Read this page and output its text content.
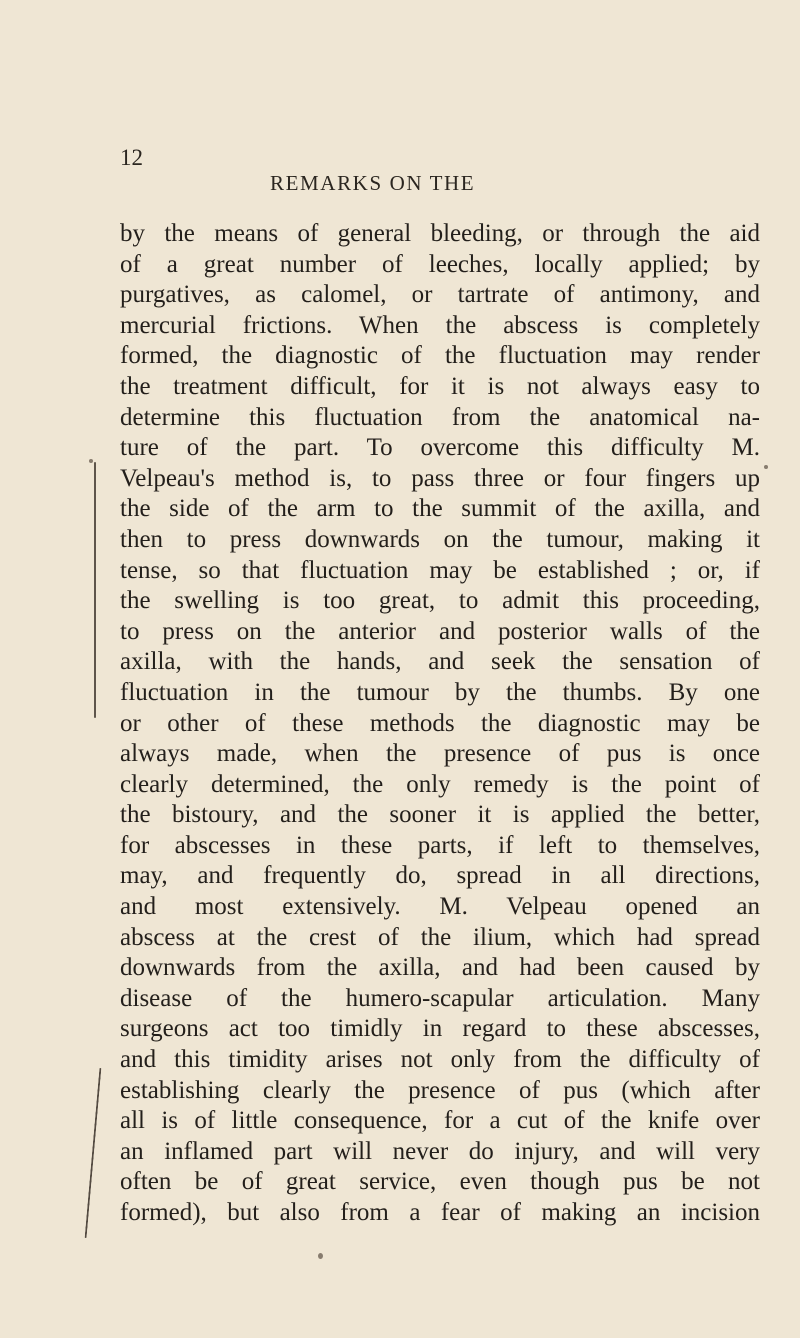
12
REMARKS ON THE
by the means of general bleeding, or through the aid
of a great number of leeches, locally applied; by
purgatives, as calomel, or tartrate of antimony, and
mercurial frictions. When the abscess is completely
formed, the diagnostic of the fluctuation may render
the treatment difficult, for it is not always easy to
determine this fluctuation from the anatomical na-
ture of the part. To overcome this difficulty M.
Velpeau's method is, to pass three or four fingers up
the side of the arm to the summit of the axilla, and
then to press downwards on the tumour, making it
tense, so that fluctuation may be established ; or, if
the swelling is too great, to admit this proceeding,
to press on the anterior and posterior walls of the
axilla, with the hands, and seek the sensation of
fluctuation in the tumour by the thumbs. By one
or other of these methods the diagnostic may be
always made, when the presence of pus is once
clearly determined, the only remedy is the point of
the bistoury, and the sooner it is applied the better,
for abscesses in these parts, if left to themselves,
may, and frequently do, spread in all directions,
and most extensively. M. Velpeau opened an
abscess at the crest of the ilium, which had spread
downwards from the axilla, and had been caused by
disease of the humero-scapular articulation. Many
surgeons act too timidly in regard to these abscesses,
and this timidity arises not only from the difficulty of
establishing clearly the presence of pus (which after
all is of little consequence, for a cut of the knife over
an inflamed part will never do injury, and will very
often be of great service, even though pus be not
formed), but also from a fear of making an incision
